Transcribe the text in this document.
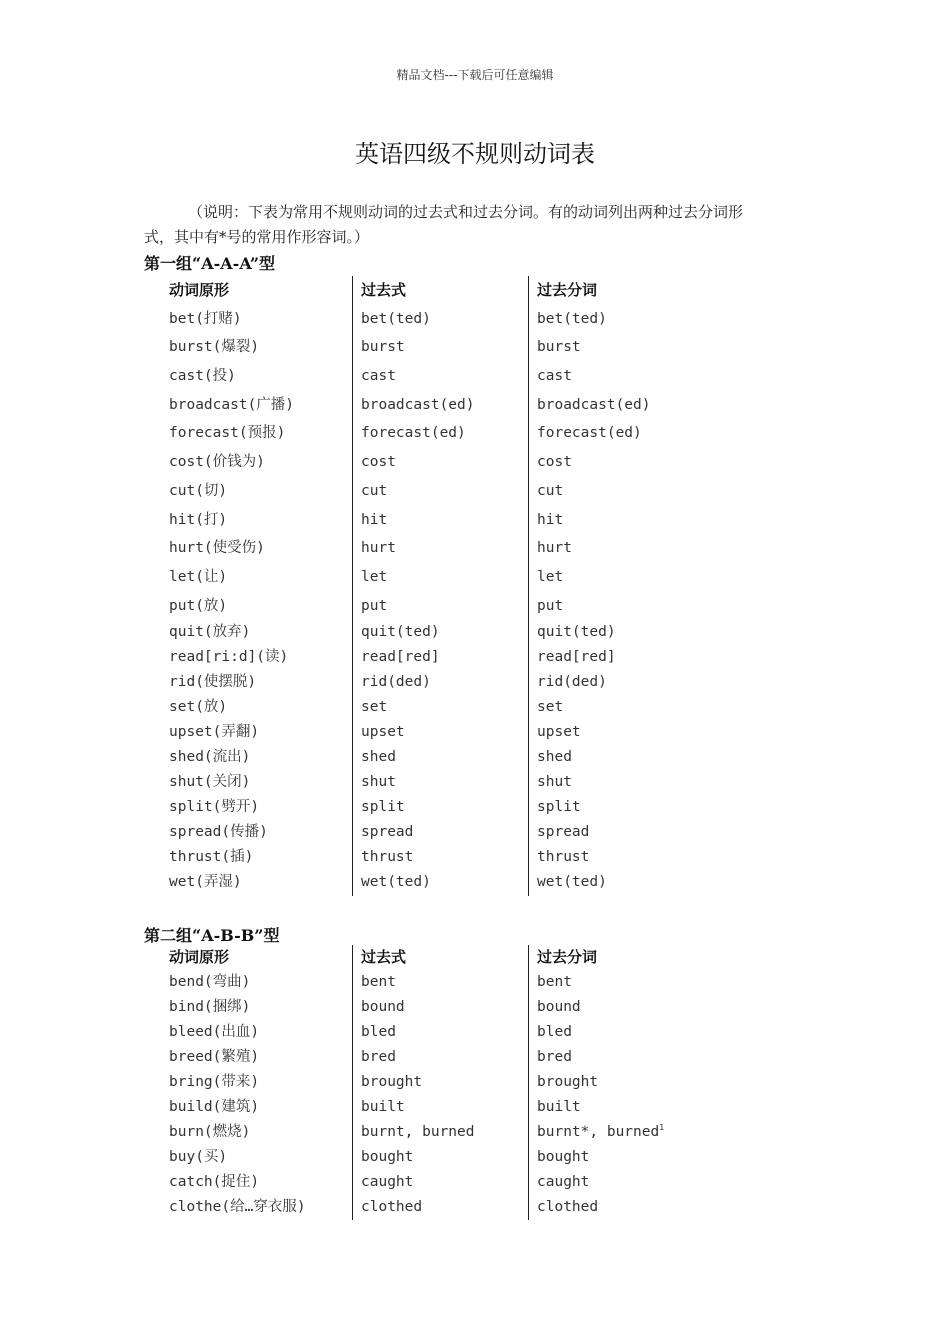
精品文档---下载后可任意编辑
英语四级不规则动词表
（说明：下表为常用不规则动词的过去式和过去分词。有的动词列出两种过去分词形
式，其中有*号的常用作形容词。）
第一组“A-A-A”型
动词原形	过去式	过去分词
bet(打赌)	bet(ted)	bet(ted)
burst(爆裂)	burst	burst
cast(投)	cast	cast
broadcast(广播)	broadcast(ed)	broadcast(ed)
forecast(预报)	forecast(ed)	forecast(ed)
cost(价钱为)	cost	cost
cut(切)	cut	cut
hit(打)	hit	hit
hurt(使受伤)	hurt	hurt
let(让)	let	let
put(放)	put	put
quit(放弃)	quit(ted)	quit(ted)
read[ri:d](读)	read[red]	read[red]
rid(使摆脱)	rid(ded)	rid(ded)
set(放)	set	set
upset(弄翻)	upset	upset
shed(流出)	shed	shed
shut(关闭)	shut	shut
split(劈开)	split	split
spread(传播)	spread	spread
thrust(插)	thrust	thrust
wet(弄湿)	wet(ted)	wet(ted)
第二组“A-B-B”型
动词原形	过去式	过去分词
bend(弯曲)	bent	bent
bind(捆绑)	bound	bound
bleed(出血)	bled	bled
breed(繁殖)	bred	bred
bring(带来)	brought	brought
build(建筑)	built	built
burn(燃烧)	burnt, burned	burnt*, burned$^1$
buy(买)	bought	bought
catch(捉住)	caught	caught
clothe(给…穿衣服)	clothed	clothed
